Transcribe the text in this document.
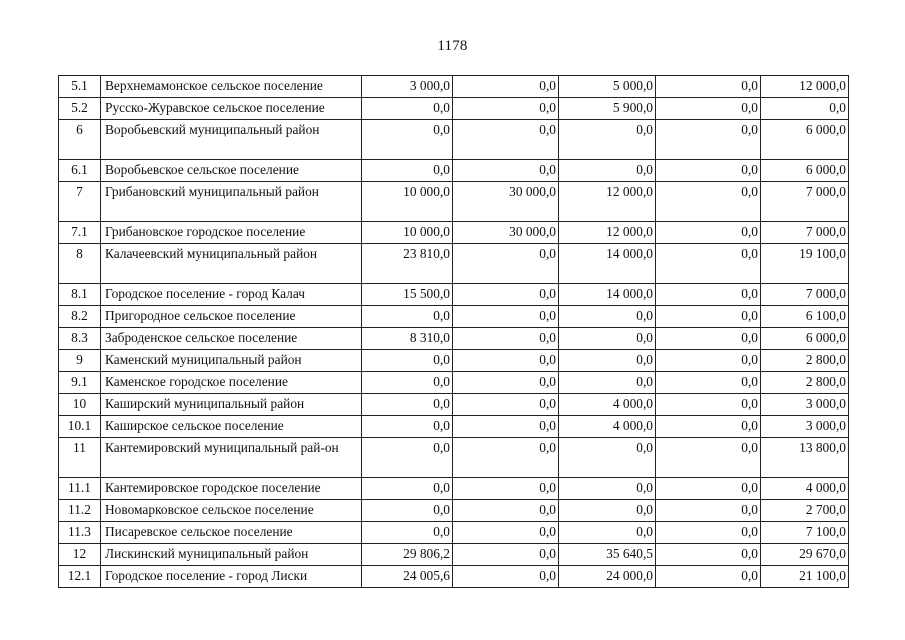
1178
5.1	Верхнемамонское сельское поселение	3 000,0	0,0	5 000,0	0,0	12 000,0
5.2	Русско-Журавское сельское поселение	0,0	0,0	5 900,0	0,0	0,0
6	Воробьевский муниципальный район	0,0	0,0	0,0	0,0	6 000,0
6.1	Воробьевское сельское поселение	0,0	0,0	0,0	0,0	6 000,0
7	Грибановский муниципальный район	10 000,0	30 000,0	12 000,0	0,0	7 000,0
7.1	Грибановское городское поселение	10 000,0	30 000,0	12 000,0	0,0	7 000,0
8	Калачеевский муниципальный район	23 810,0	0,0	14 000,0	0,0	19 100,0
8.1	Городское поселение - город Калач	15 500,0	0,0	14 000,0	0,0	7 000,0
8.2	Пригородное сельское поселение	0,0	0,0	0,0	0,0	6 100,0
8.3	Заброденское сельское поселение	8 310,0	0,0	0,0	0,0	6 000,0
9	Каменский муниципальный район	0,0	0,0	0,0	0,0	2 800,0
9.1	Каменское городское поселение	0,0	0,0	0,0	0,0	2 800,0
10	Каширский муниципальный район	0,0	0,0	4 000,0	0,0	3 000,0
10.1	Каширское сельское поселение	0,0	0,0	4 000,0	0,0	3 000,0
11	Кантемировский муниципальный рай-он	0,0	0,0	0,0	0,0	13 800,0
11.1	Кантемировское городское поселение	0,0	0,0	0,0	0,0	4 000,0
11.2	Новомарковское сельское поселение	0,0	0,0	0,0	0,0	2 700,0
11.3	Писаревское сельское поселение	0,0	0,0	0,0	0,0	7 100,0
12	Лискинский муниципальный район	29 806,2	0,0	35 640,5	0,0	29 670,0
12.1	Городское поселение - город Лиски	24 005,6	0,0	24 000,0	0,0	21 100,0
